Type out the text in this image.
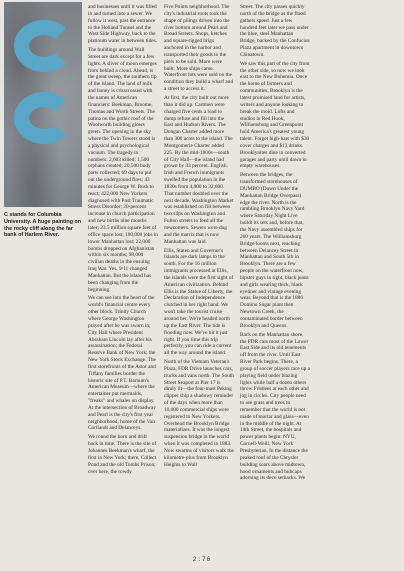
C stands for Columbia University. A huge painting on the rocky cliff along the far bank of Harlem River.

and businesses until it was filled in and turned into a sewer. We follow it west, past the entrance to the Holland Tunnel and the West Side Highway, back to the platinum water in between tides.

The buildings around Wall Street are dark except for a few lights. A sliver of moon emerges from behind a cloud. Ahead, is the great sweep, the southern tip of the island. The land of milk and honey is crisscrossed with the names of American financiers: Beekman, Broome, Thomas and Worth Streets. The patina on the gothic roof of the Woolworth building glows green. The opening in the sky where the Twin Towers stood is a physical and psychological vacuum. The tragedy in numbers: 2,603 killed; 1,500 orphans created; 20,500 body parts collected; 69 days to put out the underground fires; 43 minutes for George W. Bush to react; 422,000 New Yorkers diagnosed with Post Traumatic Stress Disorder; 20-percent increase in church participation and new births nine months later; 23.5 million square feet of office space lost; 100,000 jobs in lower Manhattan lost; 22,000 bombs dropped on Afghanistan within six months; 98,000 civilian deaths in the ensuing Iraq War. Yes, 9/11 changed Manhattan. But the island has been changing from the beginning.

We can see into the heart of the world's financial centre every other block. Trinity Church where George Washington prayed after he was sworn in; City Hall where President Abraham Lincoln lay after his assassination; the Federal Reserve Bank of New York; the New York Stock Exchange. The first storefronts of the Astor and Tiffany families border the historic site of P.T. Barnum's American Museum—where the entertainer put mermaids, "freaks" and whales on display. At the intersection of Broadway and Pearl is the city's first year neighborhood, home of the Van Cortlandt and Delanceys.

We round the horn and drift back in time. There is the site of Johannes Beekman's wharf, the first in New York; there, Collect Pond and the old Tombs Prison; over here, the rowdy

Five Points neighborhood. The city's industrial roots took the shape of pilings driven into the river bottom around Pearl and Broad Streets. Shops, ketches and square-rigged brigs anchored in the harbor and transported their goods to the piers to be sold. More were built. More ships came. Waterfront lots were sold on the condition they build a wharf and a street to access it.

At first, the city built out more than it did up. Cartmen were charged five cents a load to dump refuse and fill into the East and Hudson Rivers. The Dongan Charter added more than 300 acres to the island. The Montgomerie Charter added 225. By the mid-1800s—south of City Hall—the island had grown by 33 percent. English, Irish and French immigrants swelled the population in the 1830s from 4,000 to 32,000. That number doubled over the next decade. Washington Market was established on fill between two slips on Washington and Fulton streets to feed all the newcomers. Sewers were dug and the matrix that is now Manhattan was laid.

Ellis, Staten and Governor's Islands are dark lamps to the south. For the 16 million immigrants processed at Ellis, the islands were the first sight of American civilization. Behind Ellis is the Statue of Liberty, the Declaration of Independence clutched in her right hand. We won't take the tourist cruise around her. We're headed north up the East River. The tide is flooding now. We've hit it just right. If you time this trip perfectly, you can ride a current all the way around the island.

North of the Vietnam Veteran's Plaza, FDR Drive launches cars, trucks and vans north. The South Street Seaport at Pier 17 is dimly lit—the four-mast Peking clipper ship a shadowy reminder of the days when more than 10,000 commercial ships were registered to New Yorkers. Overhead the Brooklyn Bridge materializes. It was the longest suspension bridge in the world when it was completed in 1883. Now swarms of visitors walk the kilometre-plus from Brooklyn Heights to Wall

Street. The city passes quickly north of the bridge as the flood gathers speed. Just a few hundred feet later we pass under the blue, steel Manhattan Bridge, backed by the Confucius Plaza apartment in downtown Chinatown.

We saw this part of the city from the other side, so now we look east to the New Bohemia. Once the home of farmers and communities, Brooklyn is the latest promised land for artists, writers and anyone looking to break the mold. Lofts and studios in Red Hook, Williamsburg and Greenpoint hold America's greatest young talent. Forget high-hats with $30 cover charges and $13 drinks. Brooklynites dine in converted garages and party until dawn in empty warehouses.

Between the bridges, the transformed storehouses of DUMBO (Down Under the Manhattan Bridge Overpass) edge the river. North is the rambling Brooklyn Navy Yard where Saturday Night Live buildt its sets and, before that, the Navy assembled ships for 200 years. The Williamsburg Bridge looms next, reaching between Delancey Street in Manhattan and South 5th in Brooklyn. There are a few people on the waterfront now, hipster guys in tight, black jeans and girls wearing thick, black eyeliner and vintage evening wear. Beyond that is the 1886 Domino Sugar plant then Newtown Creek, the contaminated border between Brooklyn and Queens.

Back on the Manhattan shore, the FDR cuts most of the Lower East Side and its old tenements off from the river. Until East River Park begins. There, a group of soccer players race up a playing field under blazing lights while half a dozen others throw Frisbees at each other and jog in circles. City people need to see grass and trees to remember that the world is not made of mortar and glass—even in the middle of the night. At 14th Street, the hospitals and power plants begin: NYU, Cornell-Weill, New York Presbyterian. In the distance the peaked roof of the Chrysler building soars above midtown, hood ornaments and hubcaps adorning its deco setbacks. We

2:76
